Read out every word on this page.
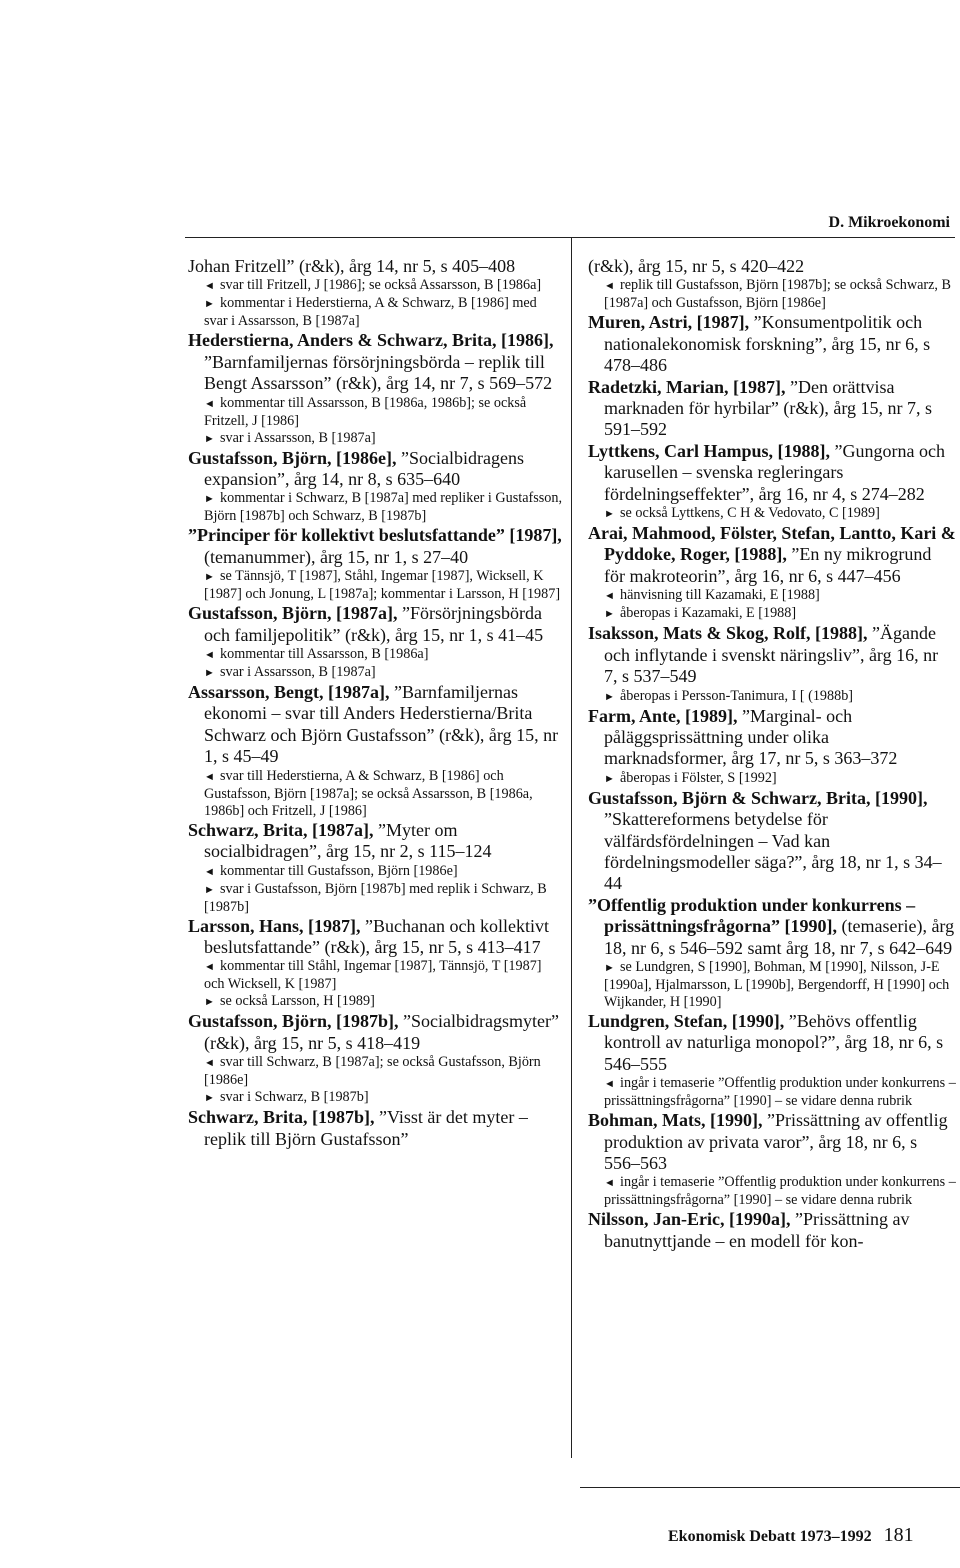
D. Mikroekonomi
Johan Fritzell” (r&k), årg 14, nr 5, s 405–408
◄ svar till Fritzell, J [1986]; se också Assarsson, B [1986a]
► kommentar i Hederstierna, A & Schwarz, B [1986] med svar i Assarsson, B [1987a]
Hederstierna, Anders & Schwarz, Brita, [1986], ”Barnfamiljernas försörjningsbörda – replik till Bengt Assarsson” (r&k), årg 14, nr 7, s 569–572
◄ kommentar till Assarsson, B [1986a, 1986b]; se också Fritzell, J [1986]
► svar i Assarsson, B [1987a]
Gustafsson, Björn, [1986e], ”Socialbidragens expansion”, årg 14, nr 8, s 635–640
► kommentar i Schwarz, B [1987a] med repliker i Gustafsson, Björn [1987b] och Schwarz, B [1987b]
”Principer för kollektivt beslutsfattande” [1987], (temanummer), årg 15, nr 1, s 27–40
► se Tännsjö, T [1987], Ståhl, Ingemar [1987], Wicksell, K [1987] och Jonung, L [1987a]; kommentar i Larsson, H [1987]
Gustafsson, Björn, [1987a], ”Försörjningsbörda och familjepolitik” (r&k), årg 15, nr 1, s 41–45
◄ kommentar till Assarsson, B [1986a]
► svar i Assarsson, B [1987a]
Assarsson, Bengt, [1987a], ”Barnfamiljernas ekonomi – svar till Anders Hederstierna/Brita Schwarz och Björn Gustafsson” (r&k), årg 15, nr 1, s 45–49
◄ svar till Hederstierna, A & Schwarz, B [1986] och Gustafsson, Björn [1987a]; se också Assarsson, B [1986a, 1986b] och Fritzell, J [1986]
Schwarz, Brita, [1987a], ”Myter om socialbidragen”, årg 15, nr 2, s 115–124
◄ kommentar till Gustafsson, Björn [1986e]
► svar i Gustafsson, Björn [1987b] med replik i Schwarz, B [1987b]
Larsson, Hans, [1987], ”Buchanan och kollektivt beslutsfattande” (r&k), årg 15, nr 5, s 413–417
◄ kommentar till Ståhl, Ingemar [1987], Tännsjö, T [1987] och Wicksell, K [1987]
► se också Larsson, H [1989]
Gustafsson, Björn, [1987b], ”Socialbidragsmyter” (r&k), årg 15, nr 5, s 418–419
◄ svar till Schwarz, B [1987a]; se också Gustafsson, Björn [1986e]
► svar i Schwarz, B [1987b]
Schwarz, Brita, [1987b], ”Visst är det myter – replik till Björn Gustafsson”
(r&k), årg 15, nr 5, s 420–422
◄ replik till Gustafsson, Björn [1987b]; se också Schwarz, B [1987a] och Gustafsson, Björn [1986e]
Muren, Astri, [1987], ”Konsumentpolitik och nationalekonomisk forskning”, årg 15, nr 6, s 478–486
Radetzki, Marian, [1987], ”Den orättvisa marknaden för hyrbilar” (r&k), årg 15, nr 7, s 591–592
Lyttkens, Carl Hampus, [1988], ”Gungorna och karusellen – svenska regleringars fördelningseffekter”, årg 16, nr 4, s 274–282
► se också Lyttkens, C H & Vedovato, C [1989]
Arai, Mahmood, Fölster, Stefan, Lantto, Kari & Pyddoke, Roger, [1988], ”En ny mikrogrund för makroteorin”, årg 16, nr 6, s 447–456
◄ hänvisning till Kazamaki, E [1988]
► åberopas i Kazamaki, E [1988]
Isaksson, Mats & Skog, Rolf, [1988], ”Ägande och inflytande i svenskt näringsliv”, årg 16, nr 7, s 537–549
► åberopas i Persson-Tanimura, I [ (1988b]
Farm, Ante, [1989], ”Marginal- och påläggsprissättning under olika marknadsformer, årg 17, nr 5, s 363–372
► åberopas i Fölster, S [1992]
Gustafsson, Björn & Schwarz, Brita, [1990], ”Skattereformens betydelse för välfärdsfördelningen – Vad kan fördelningsmodeller säga?”, årg 18, nr 1, s 34–44
”Offentlig produktion under konkurrens – prissättningsfrågorna” [1990], (temaserie), årg 18, nr 6, s 546–592 samt årg 18, nr 7, s 642–649
► se Lundgren, S [1990], Bohman, M [1990], Nilsson, J-E [1990a], Hjalmarsson, L [1990b], Bergendorff, H [1990] och Wijkander, H [1990]
Lundgren, Stefan, [1990], ”Behövs offentlig kontroll av naturliga monopol?”, årg 18, nr 6, s 546–555
◄ ingår i temaserie ”Offentlig produktion under konkurrens – prissättningsfrågorna” [1990] – se vidare denna rubrik
Bohman, Mats, [1990], ”Prissättning av offentlig produktion av privata varor”, årg 18, nr 6, s 556–563
◄ ingår i temaserie ”Offentlig produktion under konkurrens – prissättningsfrågorna” [1990] – se vidare denna rubrik
Nilsson, Jan-Eric, [1990a], ”Prissättning av banutnyttjande – en modell för kon-
Ekonomisk Debatt 1973–1992 181
